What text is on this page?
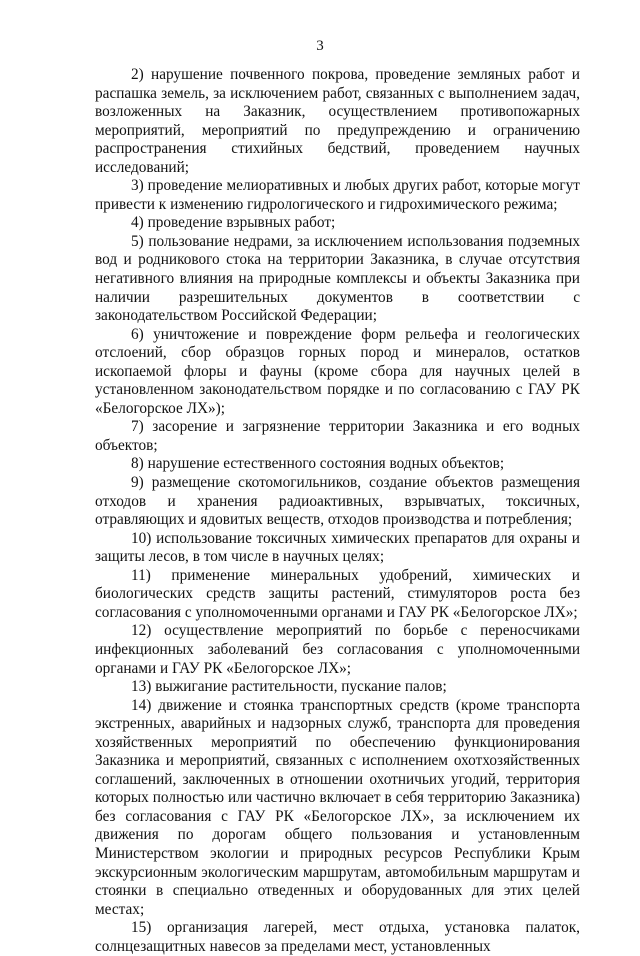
3

2) нарушение почвенного покрова, проведение земляных работ и распашка земель, за исключением работ, связанных с выполнением задач, возложенных на Заказник, осуществлением противопожарных мероприятий, мероприятий по предупреждению и ограничению распространения стихийных бедствий, проведением научных исследований;

3) проведение мелиоративных и любых других работ, которые могут привести к изменению гидрологического и гидрохимического режима;

4) проведение взрывных работ;

5) пользование недрами, за исключением использования подземных вод и родникового стока на территории Заказника, в случае отсутствия негативного влияния на природные комплексы и объекты Заказника при наличии разрешительных документов в соответствии с законодательством Российской Федерации;

6) уничтожение и повреждение форм рельефа и геологических отслоений, сбор образцов горных пород и минералов, остатков ископаемой флоры и фауны (кроме сбора для научных целей в установленном законодательством порядке и по согласованию с ГАУ РК «Белогорское ЛХ»);

7) засорение и загрязнение территории Заказника и его водных объектов;

8) нарушение естественного состояния водных объектов;

9) размещение скотомогильников, создание объектов размещения отходов и хранения радиоактивных, взрывчатых, токсичных, отравляющих и ядовитых веществ, отходов производства и потребления;

10) использование токсичных химических препаратов для охраны и защиты лесов, в том числе в научных целях;

11) применение минеральных удобрений, химических и биологических средств защиты растений, стимуляторов роста без согласования с уполномоченными органами и ГАУ РК «Белогорское ЛХ»;

12) осуществление мероприятий по борьбе с переносчиками инфекционных заболеваний без согласования с уполномоченными органами и ГАУ РК «Белогорское ЛХ»;

13) выжигание растительности, пускание палов;

14) движение и стоянка транспортных средств (кроме транспорта экстренных, аварийных и надзорных служб, транспорта для проведения хозяйственных мероприятий по обеспечению функционирования Заказника и мероприятий, связанных с исполнением охотхозяйственных соглашений, заключенных в отношении охотничьих угодий, территория которых полностью или частично включает в себя территорию Заказника) без согласования с ГАУ РК «Белогорское ЛХ», за исключением их движения по дорогам общего пользования и установленным Министерством экологии и природных ресурсов Республики Крым экскурсионным экологическим маршрутам, автомобильным маршрутам и стоянки в специально отведенных и оборудованных для этих целей местах;

15) организация лагерей, мест отдыха, установка палаток, солнцезащитных навесов за пределами мест, установленных
